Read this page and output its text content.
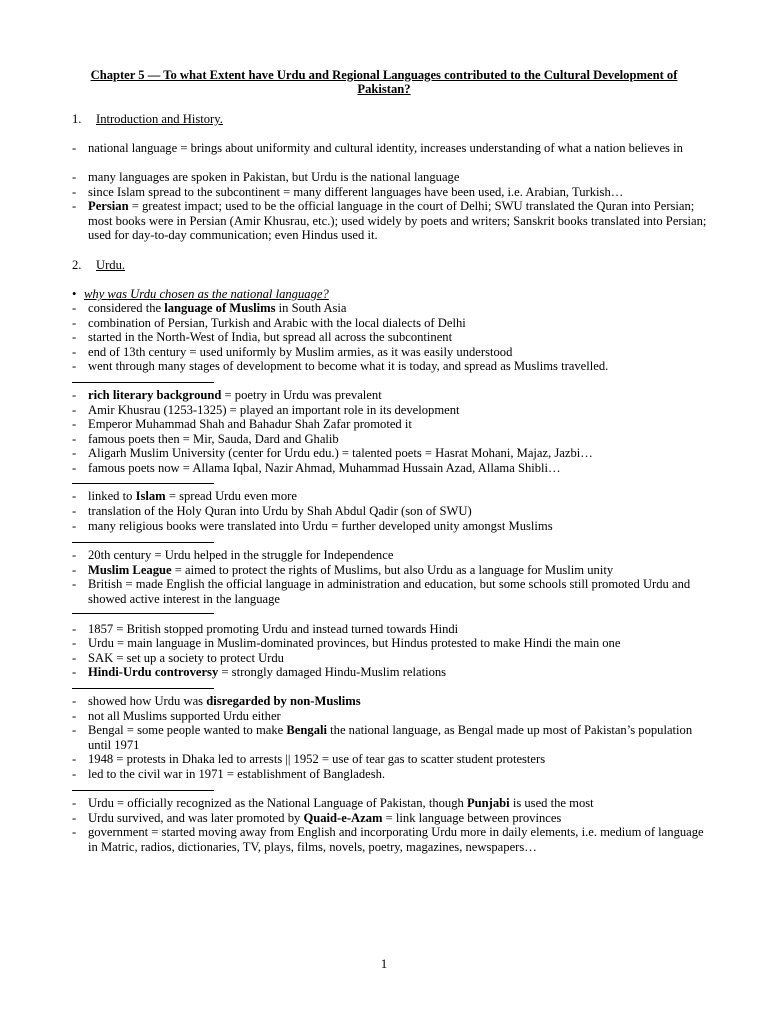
Chapter 5 — To what Extent have Urdu and Regional Languages contributed to the Cultural Development of Pakistan?
1. Introduction and History.
- national language = brings about uniformity and cultural identity, increases understanding of what a nation believes in
- many languages are spoken in Pakistan, but Urdu is the national language
- since Islam spread to the subcontinent = many different languages have been used, i.e. Arabian, Turkish…
- Persian = greatest impact; used to be the official language in the court of Delhi; SWU translated the Quran into Persian; most books were in Persian (Amir Khusrau, etc.); used widely by poets and writers; Sanskrit books translated into Persian; used for day-to-day communication; even Hindus used it.
2. Urdu.
• why was Urdu chosen as the national language?
- considered the language of Muslims in South Asia
- combination of Persian, Turkish and Arabic with the local dialects of Delhi
- started in the North-West of India, but spread all across the subcontinent
- end of 13th century = used uniformly by Muslim armies, as it was easily understood
- went through many stages of development to become what it is today, and spread as Muslims travelled.
- rich literary background = poetry in Urdu was prevalent
- Amir Khusrau (1253-1325) = played an important role in its development
- Emperor Muhammad Shah and Bahadur Shah Zafar promoted it
- famous poets then = Mir, Sauda, Dard and Ghalib
- Aligarh Muslim University (center for Urdu edu.) = talented poets = Hasrat Mohani, Majaz, Jazbi…
- famous poets now = Allama Iqbal, Nazir Ahmad, Muhammad Hussain Azad, Allama Shibli…
- linked to Islam = spread Urdu even more
- translation of the Holy Quran into Urdu by Shah Abdul Qadir (son of SWU)
- many religious books were translated into Urdu = further developed unity amongst Muslims
- 20th century = Urdu helped in the struggle for Independence
- Muslim League = aimed to protect the rights of Muslims, but also Urdu as a language for Muslim unity
- British = made English the official language in administration and education, but some schools still promoted Urdu and showed active interest in the language
- 1857 = British stopped promoting Urdu and instead turned towards Hindi
- Urdu = main language in Muslim-dominated provinces, but Hindus protested to make Hindi the main one
- SAK = set up a society to protect Urdu
- Hindi-Urdu controversy = strongly damaged Hindu-Muslim relations
- showed how Urdu was disregarded by non-Muslims
- not all Muslims supported Urdu either
- Bengal = some people wanted to make Bengali the national language, as Bengal made up most of Pakistan’s population until 1971
- 1948 = protests in Dhaka led to arrests || 1952 = use of tear gas to scatter student protesters
- led to the civil war in 1971 = establishment of Bangladesh.
- Urdu = officially recognized as the National Language of Pakistan, though Punjabi is used the most
- Urdu survived, and was later promoted by Quaid-e-Azam = link language between provinces
- government = started moving away from English and incorporating Urdu more in daily elements, i.e. medium of language in Matric, radios, dictionaries, TV, plays, films, novels, poetry, magazines, newspapers…
1
